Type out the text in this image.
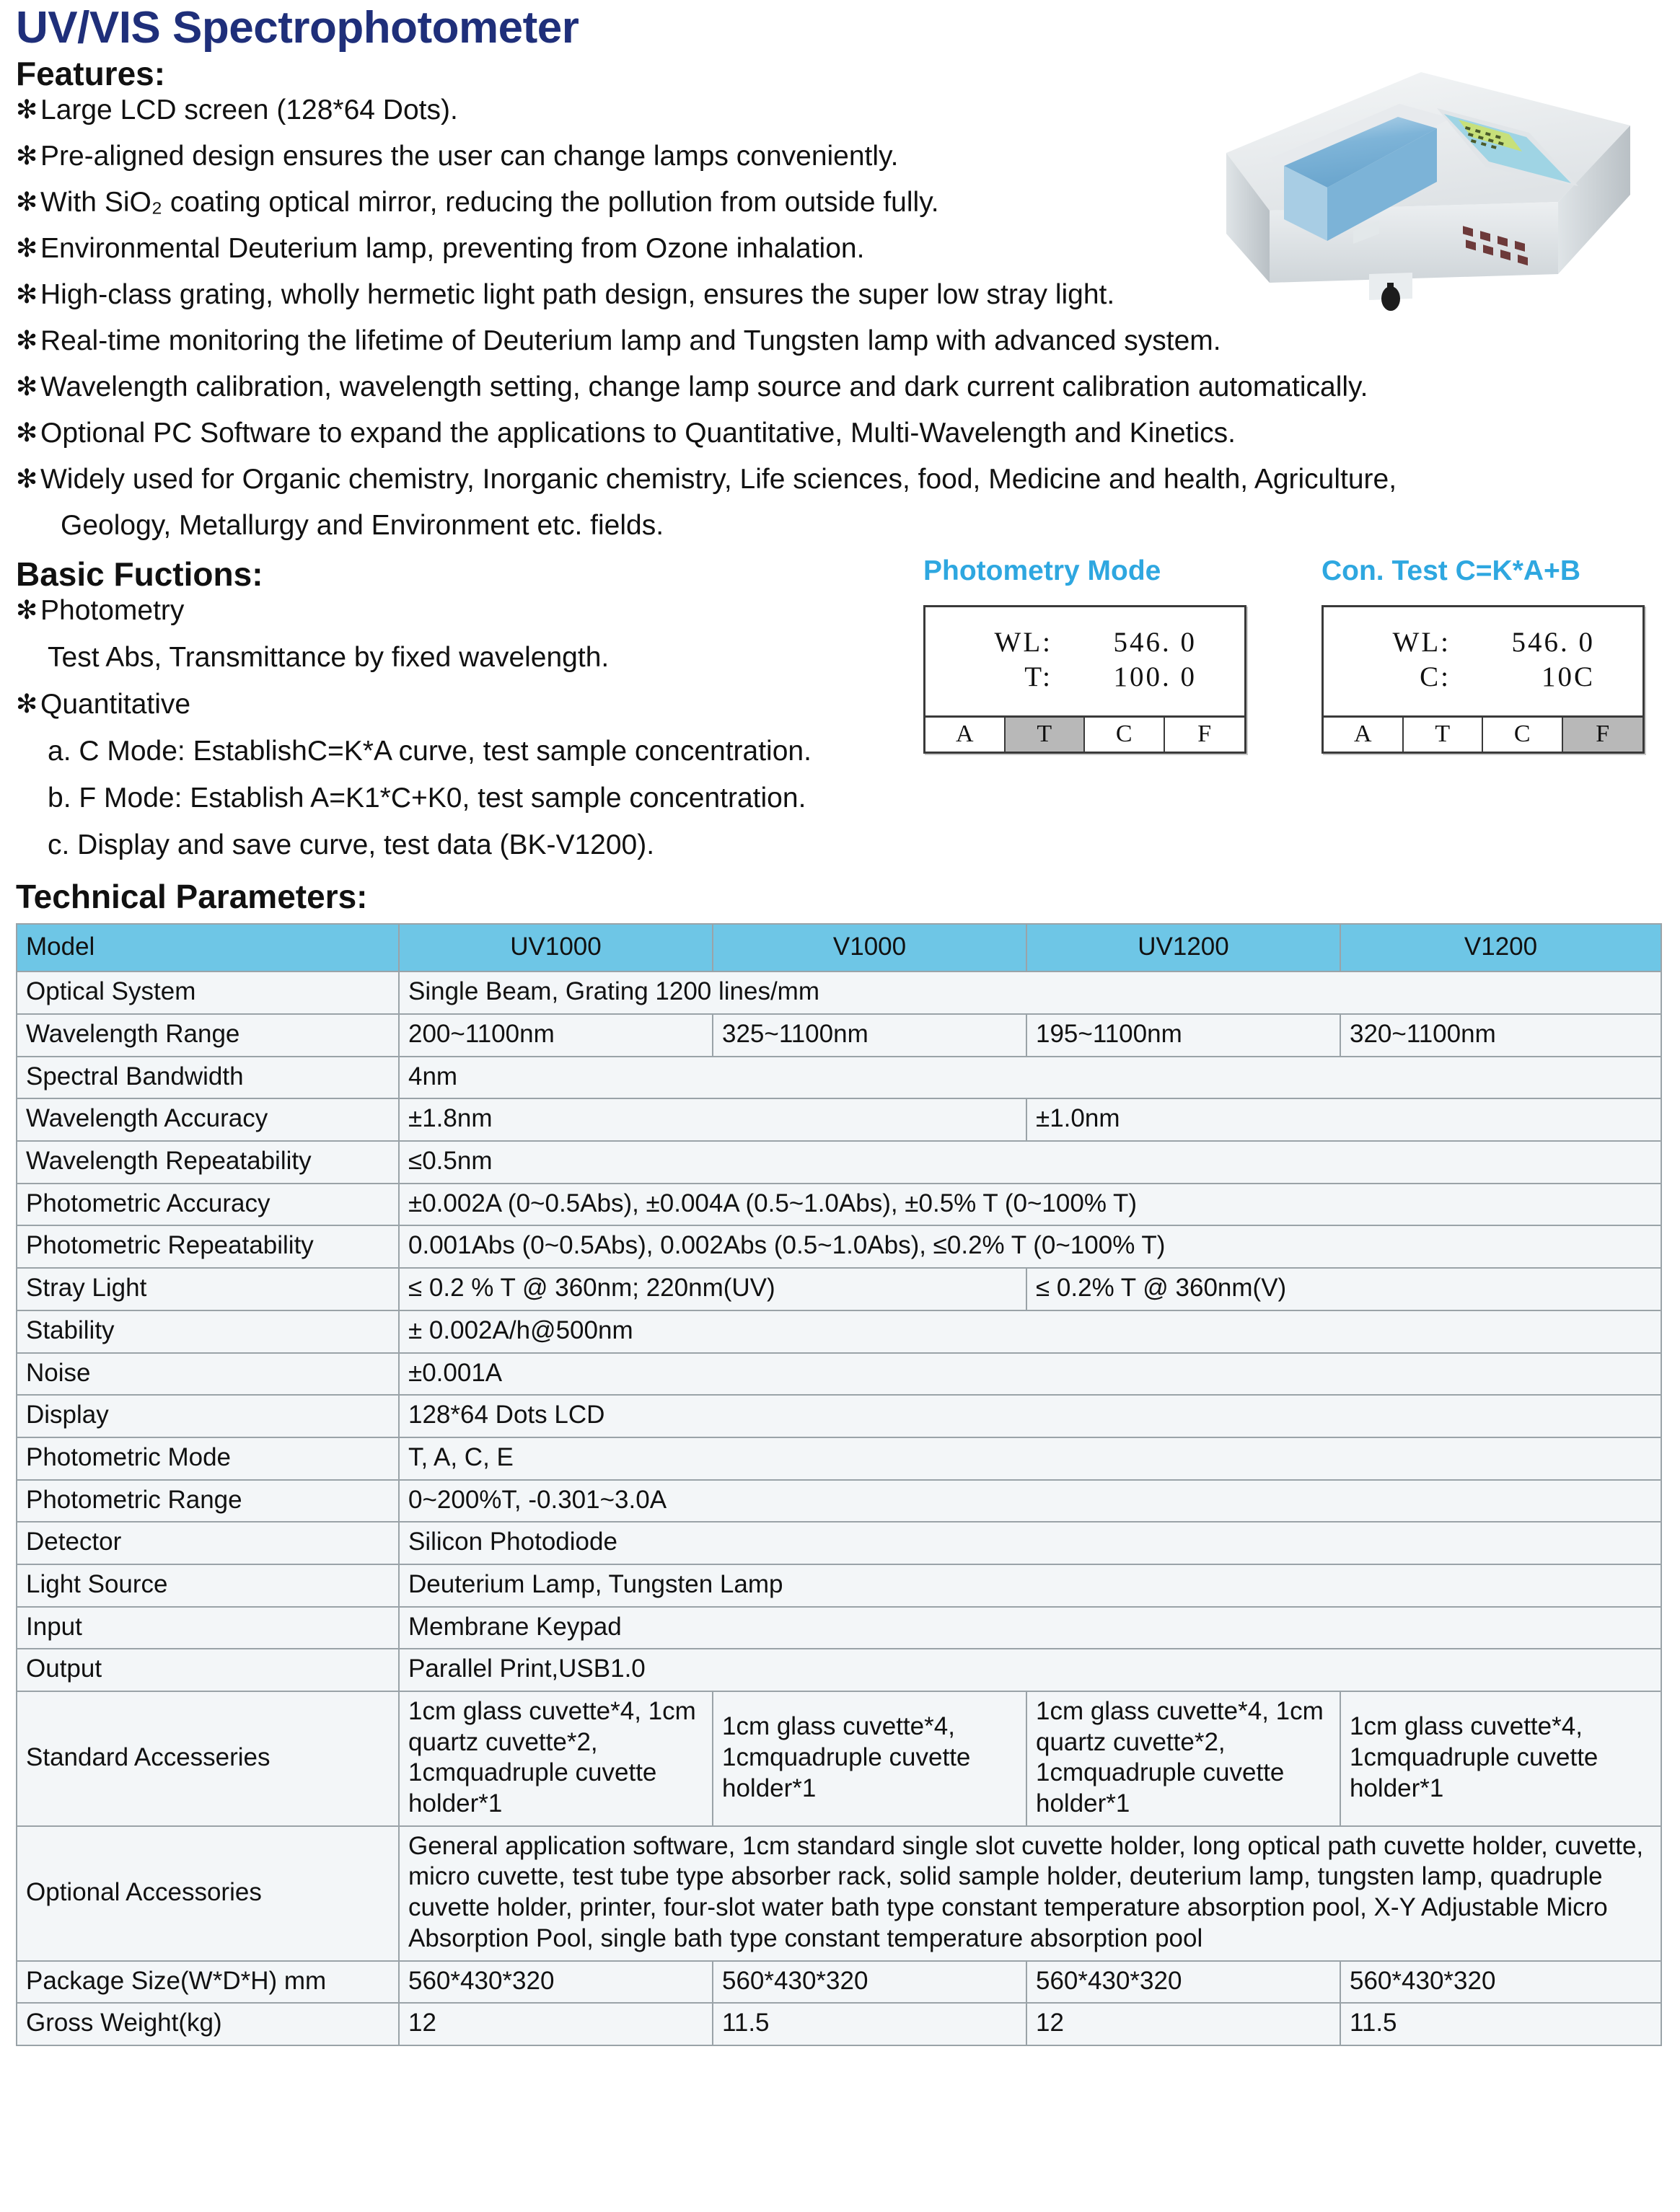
UV/VIS Spectrophotometer
Features:
✻ Large LCD screen (128*64 Dots).
✻ Pre-aligned design ensures the user can change lamps conveniently.
✻ With SiO₂ coating optical mirror, reducing the pollution from outside fully.
✻ Environmental Deuterium lamp, preventing from Ozone inhalation.
✻ High-class grating, wholly hermetic light path design, ensures the super low stray light.
✻ Real-time monitoring the lifetime of Deuterium lamp and Tungsten lamp with advanced system.
✻ Wavelength calibration, wavelength setting, change lamp source and dark current calibration automatically.
✻ Optional PC Software to expand the applications to Quantitative, Multi-Wavelength and Kinetics.
✻ Widely used for Organic chemistry, Inorganic chemistry, Life sciences, food, Medicine and health, Agriculture,
Geology, Metallurgy and Environment etc. fields.
Basic Fuctions:
✻ Photometry
Test Abs, Transmittance by fixed wavelength.
✻ Quantitative
a. C Mode: EstablishC=K*A curve, test sample concentration.
b. F Mode: Establish A=K1*C+K0, test sample concentration.
c. Display and save curve, test data (BK-V1200).
Photometry Mode
WL:	546. 0
T:	100. 0
A	T	C	F
Con. Test C=K*A+B
WL:	546. 0
C:	10C
A	T	C	F
Technical Parameters:
Model	UV1000	V1000	UV1200	V1200
Optical System	Single Beam, Grating 1200 lines/mm			
Wavelength Range	200~1100nm	325~1100nm	195~1100nm	320~1100nm
Spectral Bandwidth	4nm			
Wavelength Accuracy	±1.8nm		±1.0nm	
Wavelength Repeatability	≤0.5nm			
Photometric Accuracy	±0.002A (0~0.5Abs), ±0.004A (0.5~1.0Abs), ±0.5% T (0~100% T)			
Photometric Repeatability	0.001Abs (0~0.5Abs), 0.002Abs (0.5~1.0Abs), ≤0.2% T (0~100% T)			
Stray Light	≤ 0.2 % T @ 360nm; 220nm(UV)		≤ 0.2% T @ 360nm(V)	
Stability	± 0.002A/h@500nm			
Noise	±0.001A			
Display	128*64 Dots LCD			
Photometric Mode	T, A, C, E			
Photometric Range	0~200%T, -0.301~3.0A			
Detector	Silicon Photodiode			
Light Source	Deuterium Lamp, Tungsten Lamp			
Input	Membrane Keypad			
Output	Parallel Print,USB1.0			
Standard Accesseries	1cm glass cuvette*4, 1cm quartz cuvette*2, 1cmquadruple cuvette holder*1	1cm glass cuvette*4, 1cmquadruple cuvette holder*1	1cm glass cuvette*4, 1cm quartz cuvette*2, 1cmquadruple cuvette holder*1	1cm glass cuvette*4, 1cmquadruple cuvette holder*1
Optional Accessories	General application software, 1cm standard single slot cuvette holder, long optical path cuvette holder, cuvette, micro cuvette, test tube type absorber rack, solid sample holder, deuterium lamp, tungsten lamp, quadruple cuvette holder, printer, four-slot water bath type constant temperature absorption pool, X-Y Adjustable Micro Absorption Pool, single bath type constant temperature absorption pool			
Package Size(W*D*H) mm	560*430*320	560*430*320	560*430*320	560*430*320
Gross Weight(kg)	12	11.5	12	11.5
